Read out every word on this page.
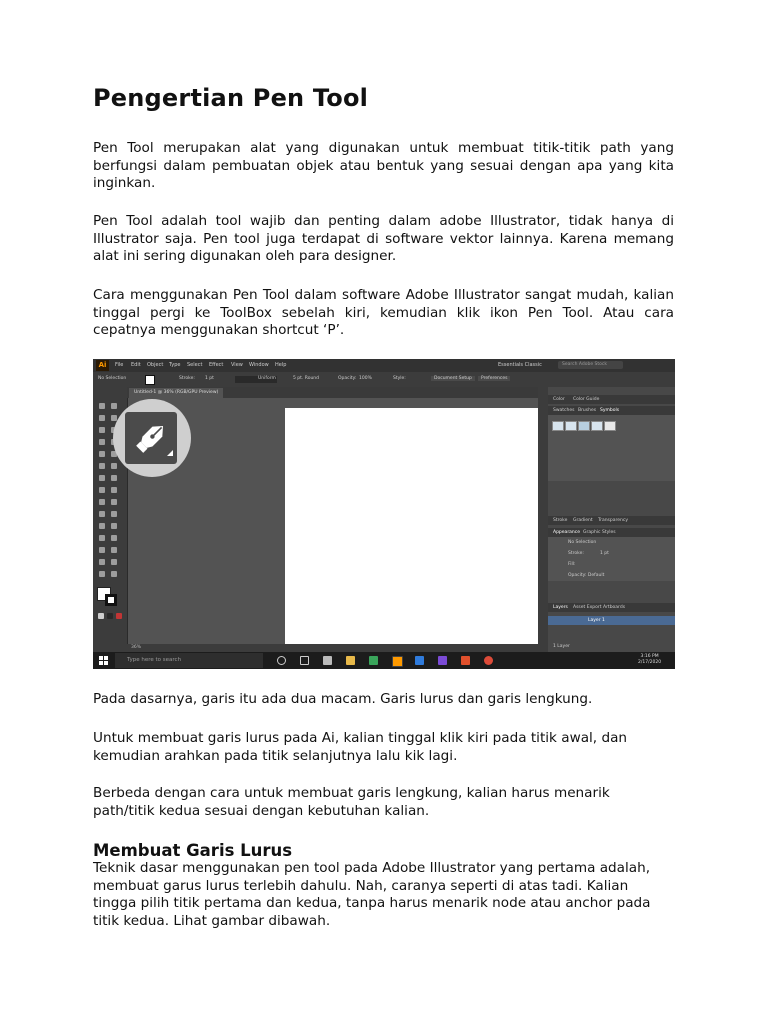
Pengertian Pen Tool

Pen Tool merupakan alat yang digunakan untuk membuat titik-titik path yang berfungsi dalam pembuatan objek atau bentuk yang sesuai dengan apa yang kita inginkan.

Pen Tool adalah tool wajib dan penting dalam adobe Illustrator, tidak hanya di Illustrator saja. Pen tool juga terdapat di software vektor lainnya. Karena memang alat ini sering digunakan oleh para designer.

Cara menggunakan Pen Tool dalam software Adobe Illustrator sangat mudah, kalian tinggal pergi ke ToolBox sebelah kiri, kemudian klik ikon Pen Tool. Atau cara cepatnya menggunakan shortcut ‘P’.

Ai	File Edit Object Type Select Effect View Window Help	Essentials Classic	Search Adobe Stock
No Selection	Stroke: 1 pt	Uniform	5 pt. Round	Opacity: 100%	Style:	Document Setup	Preferences
Untitled-1 @ 36% (RGB/GPU Preview)
36%
Color Color Guide
Swatches Brushes Symbols
Stroke Gradient Transparency
Appearance Graphic Styles
No Selection
Stroke:	1 pt
Fill:
Opacity: Default
Layers Asset Export Artboards
Layer 1
1 Layer
Type here to search
3:16 PM
2/17/2020

Pada dasarnya, garis itu ada dua macam. Garis lurus dan garis lengkung.

Untuk membuat garis lurus pada Ai, kalian tinggal klik kiri pada titik awal, dan kemudian arahkan pada titik selanjutnya lalu kik lagi.

Berbeda dengan cara untuk membuat garis lengkung, kalian harus menarik path/titik kedua sesuai dengan kebutuhan kalian.

Membuat Garis Lurus

Teknik dasar menggunakan pen tool pada Adobe Illustrator yang pertama adalah, membuat garus lurus terlebih dahulu. Nah, caranya seperti di atas tadi. Kalian tingga pilih titik pertama dan kedua, tanpa harus menarik node atau anchor pada titik kedua. Lihat gambar dibawah.
